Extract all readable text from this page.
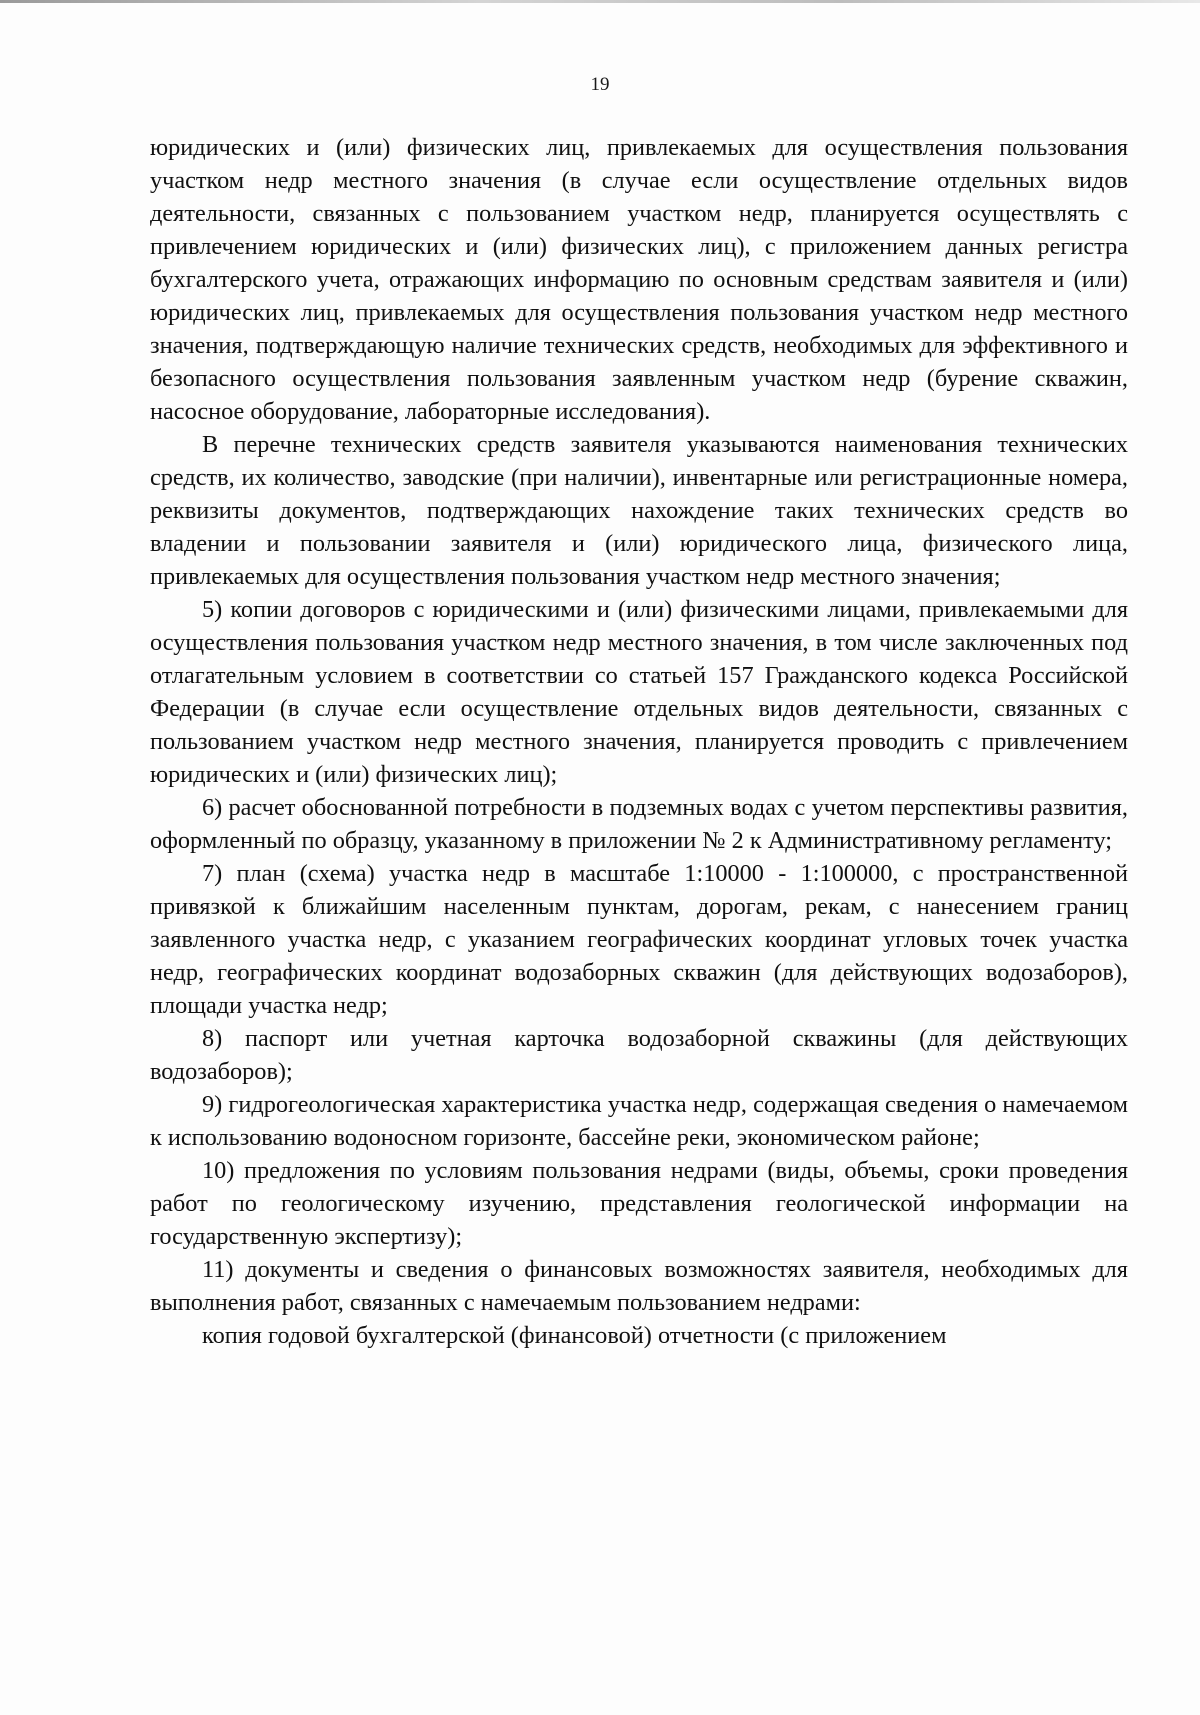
19

юридических и (или) физических лиц, привлекаемых для осуществления пользования участком недр местного значения (в случае если осуществление отдельных видов деятельности, связанных с пользованием участком недр, планируется осуществлять с привлечением юридических и (или) физических лиц), с приложением данных регистра бухгалтерского учета, отражающих информацию по основным средствам заявителя и (или) юридических лиц, привлекаемых для осуществления пользования участком недр местного значения, подтверждающую наличие технических средств, необходимых для эффективного и безопасного осуществления пользования заявленным участком недр (бурение скважин, насосное оборудование, лабораторные исследования).

В перечне технических средств заявителя указываются наименования технических средств, их количество, заводские (при наличии), инвентарные или регистрационные номера, реквизиты документов, подтверждающих нахождение таких технических средств во владении и пользовании заявителя и (или) юридического лица, физического лица, привлекаемых для осуществления пользования участком недр местного значения;

5) копии договоров с юридическими и (или) физическими лицами, привлекаемыми для осуществления пользования участком недр местного значения, в том числе заключенных под отлагательным условием в соответствии со статьей 157 Гражданского кодекса Российской Федерации (в случае если осуществление отдельных видов деятельности, связанных с пользованием участком недр местного значения, планируется проводить с привлечением юридических и (или) физических лиц);

6) расчет обоснованной потребности в подземных водах с учетом перспективы развития, оформленный по образцу, указанному в приложении № 2 к Административному регламенту;

7) план (схема) участка недр в масштабе 1:10000 - 1:100000, с пространственной привязкой к ближайшим населенным пунктам, дорогам, рекам, с нанесением границ заявленного участка недр, с указанием географических координат угловых точек участка недр, географических координат водозаборных скважин (для действующих водозаборов), площади участка недр;

8) паспорт или учетная карточка водозаборной скважины (для действующих водозаборов);

9) гидрогеологическая характеристика участка недр, содержащая сведения о намечаемом к использованию водоносном горизонте, бассейне реки, экономическом районе;

10) предложения по условиям пользования недрами (виды, объемы, сроки проведения работ по геологическому изучению, представления геологической информации на государственную экспертизу);

11) документы и сведения о финансовых возможностях заявителя, необходимых для выполнения работ, связанных с намечаемым пользованием недрами:

копия годовой бухгалтерской (финансовой) отчетности (с приложением
